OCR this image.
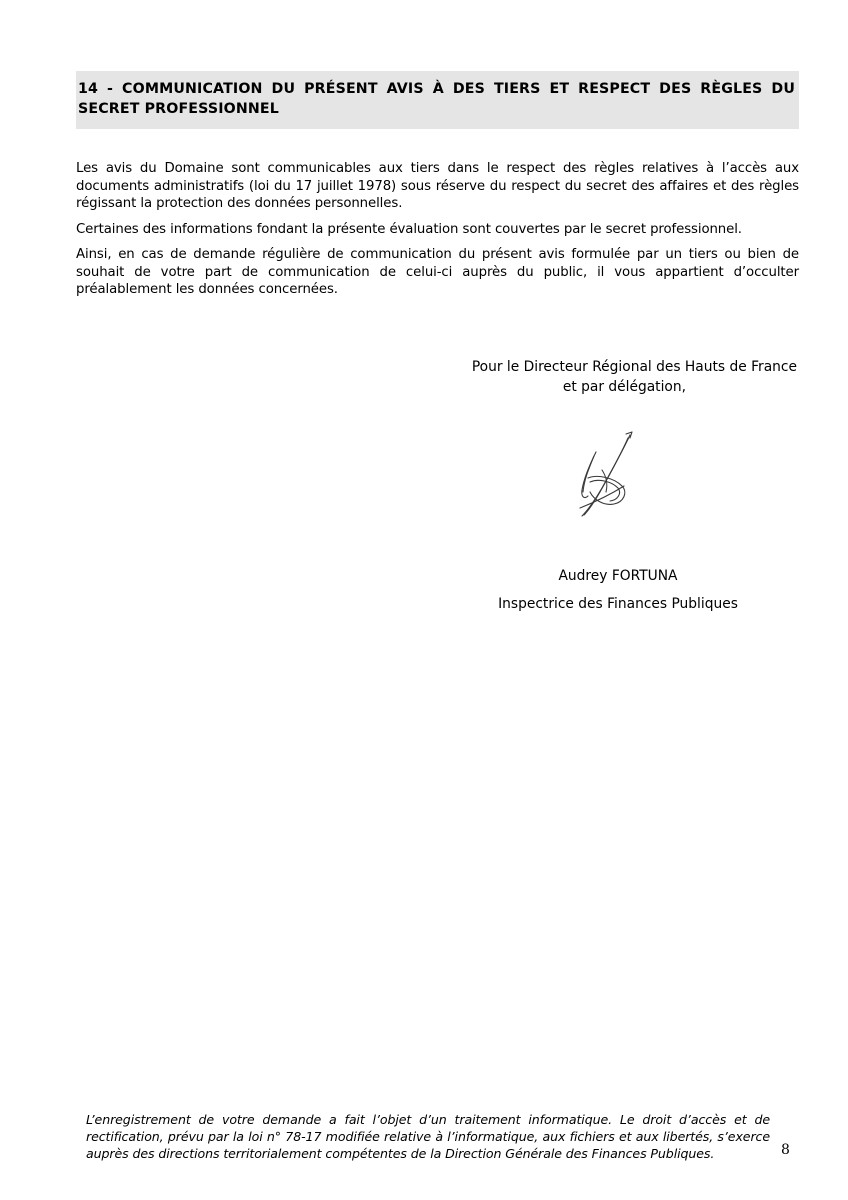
14 - COMMUNICATION DU PRÉSENT AVIS À DES TIERS ET RESPECT DES RÈGLES DU SECRET PROFESSIONNEL

Les avis du Domaine sont communicables aux tiers dans le respect des règles relatives à l’accès aux documents administratifs (loi du 17 juillet 1978) sous réserve du respect du secret des affaires et des règles régissant la protection des données personnelles.

Certaines des informations fondant la présente évaluation sont couvertes par le secret professionnel.

Ainsi, en cas de demande régulière de communication du présent avis formulée par un tiers ou bien de souhait de votre part de communication de celui-ci auprès du public, il vous appartient d’occulter préalablement les données concernées.

Pour le Directeur Régional des Hauts de France

et par délégation,

Audrey FORTUNA

Inspectrice des Finances Publiques

L’enregistrement de votre demande a fait l’objet d’un traitement informatique. Le droit d’accès et de rectification, prévu par la loi n° 78-17 modifiée relative à l’informatique, aux fichiers et aux libertés, s’exerce auprès des directions territorialement compétentes de la Direction Générale des Finances Publiques.	8
